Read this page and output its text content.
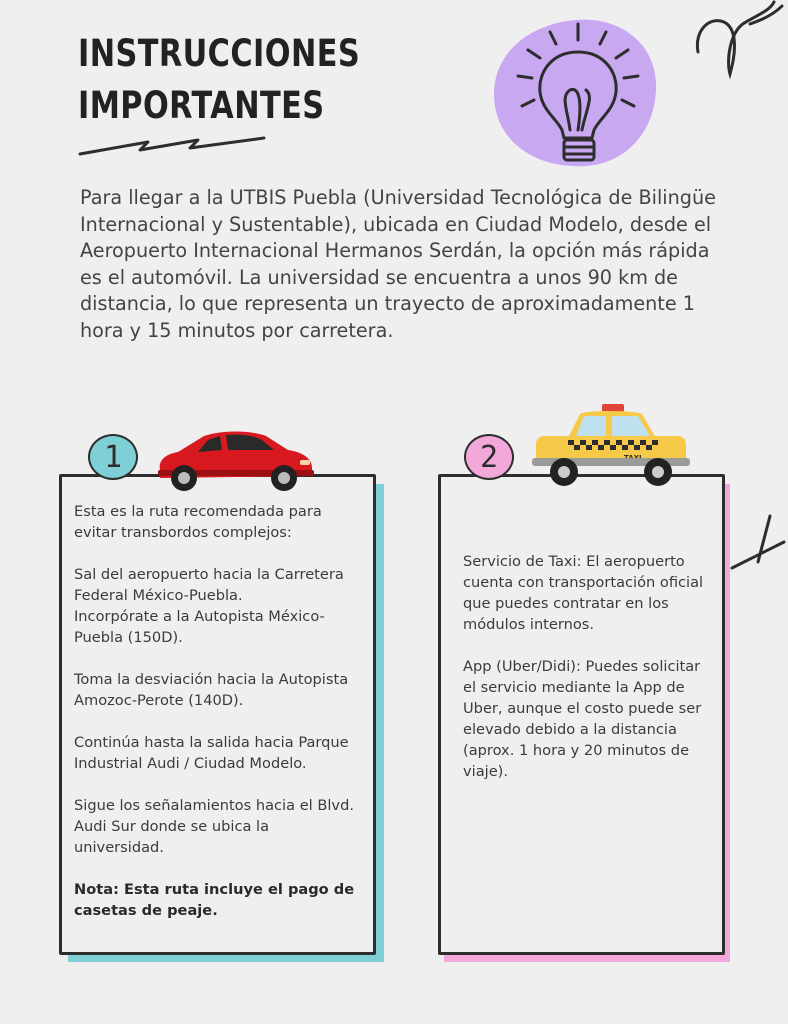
INSTRUCCIONES
IMPORTANTES

Para llegar a la UTBIS Puebla (Universidad Tecnológica de Bilingüe Internacional y Sustentable), ubicada en Ciudad Modelo, desde el Aeropuerto Internacional Hermanos Serdán, la opción más rápida es el automóvil. La universidad se encuentra a unos 90 km de distancia, lo que representa un trayecto de aproximadamente 1 hora y 15 minutos por carretera.

Esta es la ruta recomendada para evitar transbordos complejos:

Sal del aeropuerto hacia la Carretera Federal México-Puebla.
Incorpórate a la Autopista México-Puebla (150D).

Toma la desviación hacia la Autopista Amozoc-Perote (140D).

Continúa hasta la salida hacia Parque Industrial Audi / Ciudad Modelo.

Sigue los señalamientos hacia el Blvd. Audi Sur donde se ubica la universidad.

Nota: Esta ruta incluye el pago de casetas de peaje.

1

Servicio de Taxi: El aeropuerto cuenta con transportación oficial que puedes contratar en los módulos internos.

App (Uber/Didi): Puedes solicitar el servicio mediante la App de Uber, aunque el costo puede ser elevado debido a la distancia (aprox. 1 hora y 20 minutos de viaje).

2
